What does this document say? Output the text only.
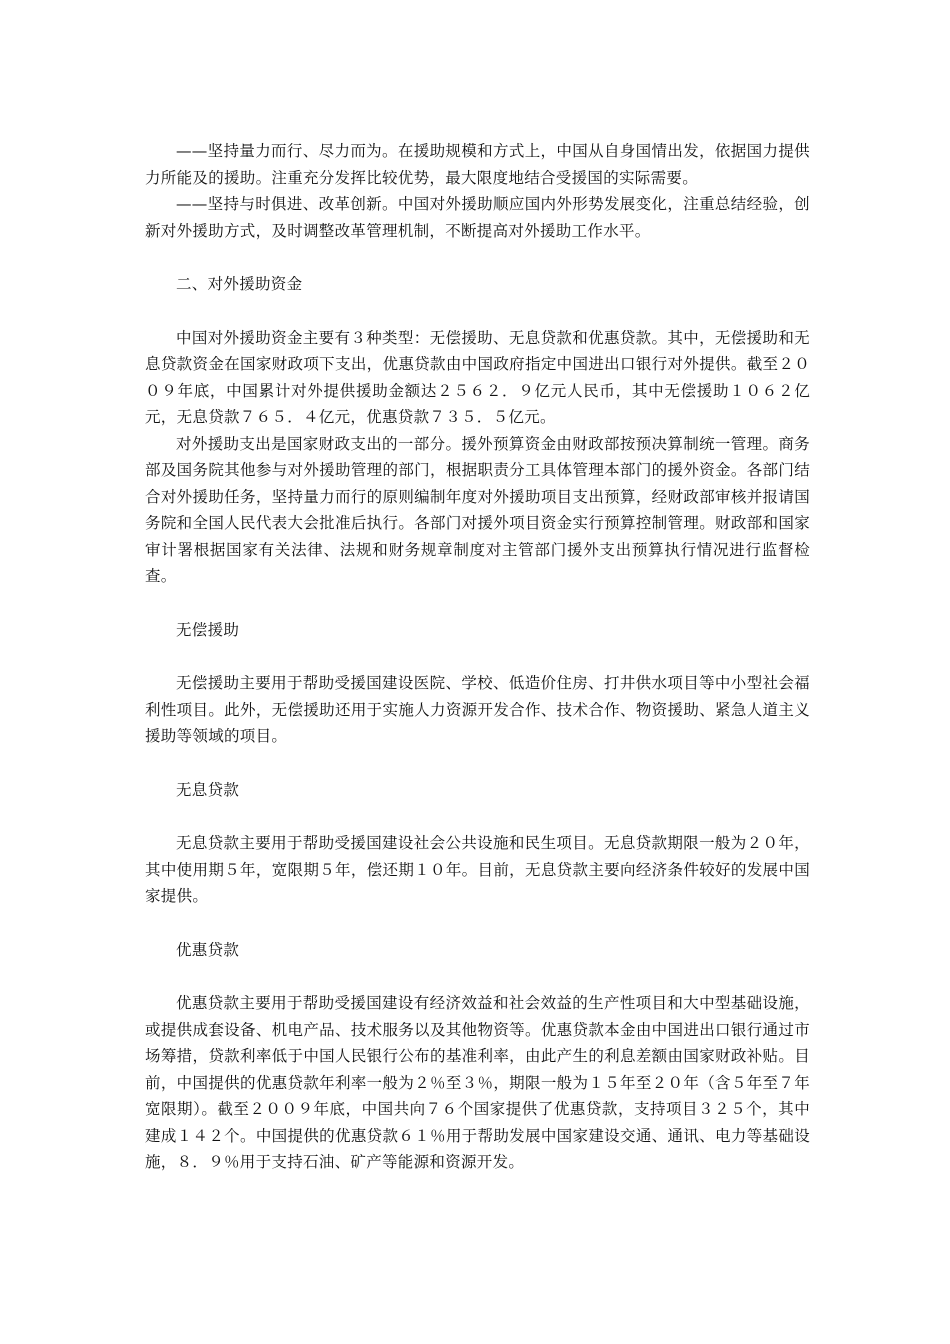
——坚持量力而行、尽力而为。在援助规模和方式上，中国从自身国情出发，依据国力提供力所能及的援助。注重充分发挥比较优势，最大限度地结合受援国的实际需要。

——坚持与时俱进、改革创新。中国对外援助顺应国内外形势发展变化，注重总结经验，创新对外援助方式，及时调整改革管理机制，不断提高对外援助工作水平。

二、对外援助资金

中国对外援助资金主要有３种类型：无偿援助、无息贷款和优惠贷款。其中，无偿援助和无息贷款资金在国家财政项下支出，优惠贷款由中国政府指定中国进出口银行对外提供。截至２００９年底，中国累计对外提供援助金额达２５６２．９亿元人民币，其中无偿援助１０６２亿元，无息贷款７６５．４亿元，优惠贷款７３５．５亿元。

对外援助支出是国家财政支出的一部分。援外预算资金由财政部按预决算制统一管理。商务部及国务院其他参与对外援助管理的部门，根据职责分工具体管理本部门的援外资金。各部门结合对外援助任务，坚持量力而行的原则编制年度对外援助项目支出预算，经财政部审核并报请国务院和全国人民代表大会批准后执行。各部门对援外项目资金实行预算控制管理。财政部和国家审计署根据国家有关法律、法规和财务规章制度对主管部门援外支出预算执行情况进行监督检查。

无偿援助

无偿援助主要用于帮助受援国建设医院、学校、低造价住房、打井供水项目等中小型社会福利性项目。此外，无偿援助还用于实施人力资源开发合作、技术合作、物资援助、紧急人道主义援助等领域的项目。

无息贷款

无息贷款主要用于帮助受援国建设社会公共设施和民生项目。无息贷款期限一般为２０年，其中使用期５年，宽限期５年，偿还期１０年。目前，无息贷款主要向经济条件较好的发展中国家提供。

优惠贷款

优惠贷款主要用于帮助受援国建设有经济效益和社会效益的生产性项目和大中型基础设施，或提供成套设备、机电产品、技术服务以及其他物资等。优惠贷款本金由中国进出口银行通过市场筹措，贷款利率低于中国人民银行公布的基准利率，由此产生的利息差额由国家财政补贴。目前，中国提供的优惠贷款年利率一般为２％至３％，期限一般为１５年至２０年（含５年至７年宽限期）。截至２００９年底，中国共向７６个国家提供了优惠贷款，支持项目３２５个，其中建成１４２个。中国提供的优惠贷款６１％用于帮助发展中国家建设交通、通讯、电力等基础设施，８．９％用于支持石油、矿产等能源和资源开发。
